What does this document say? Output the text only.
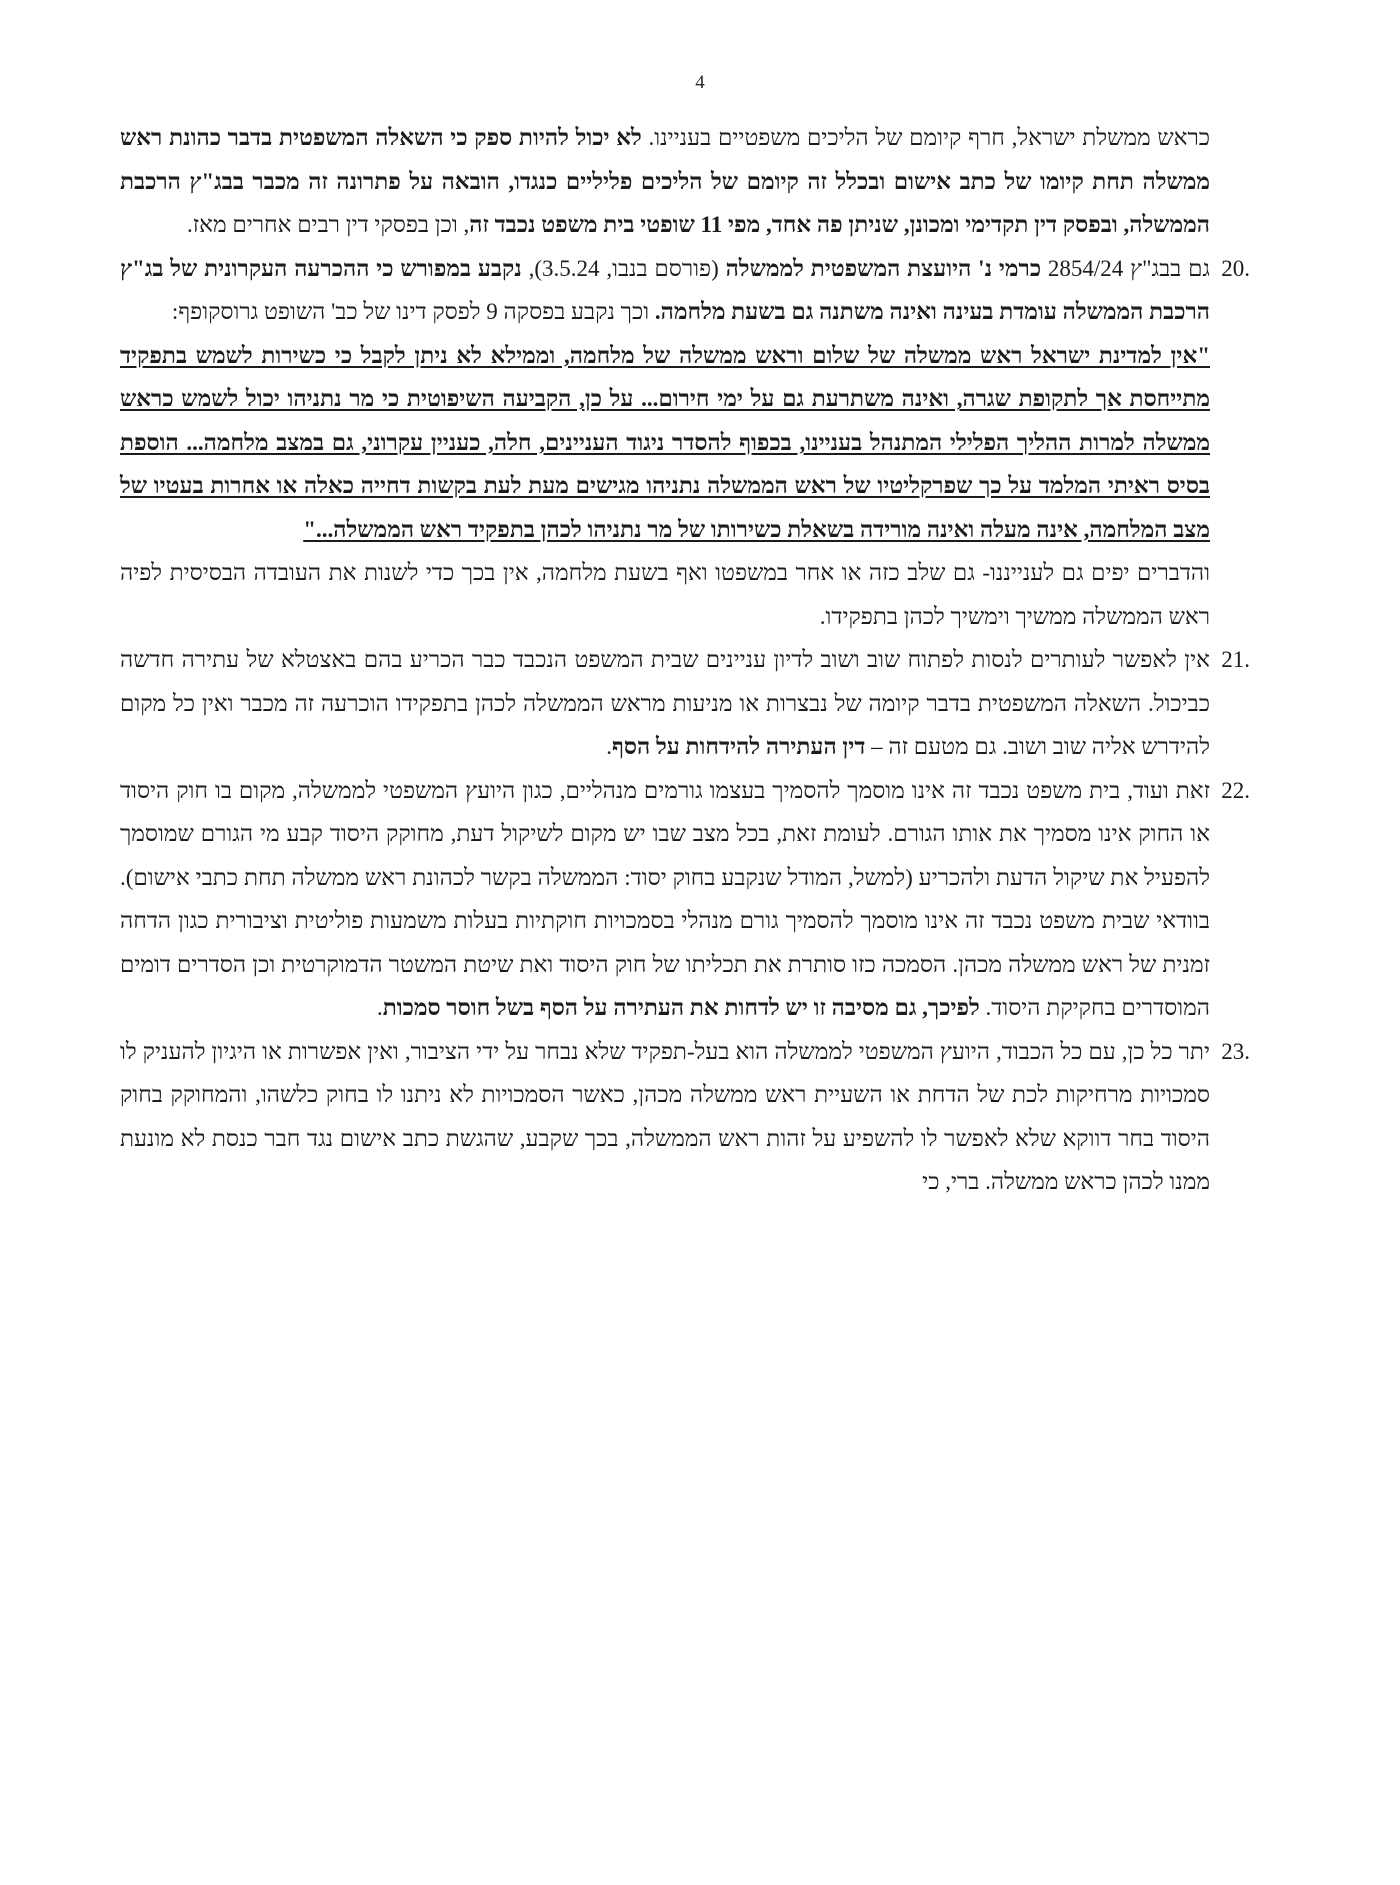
4

כראש ממשלת ישראל, חרף קיומם של הליכים משפטיים בעניינו. לא יכול להיות ספק כי השאלה המשפטית בדבר כהונת ראש ממשלה תחת קיומו של כתב אישום ובכלל זה קיומם של הליכים פליליים כנגדו, הובאה על פתרונה זה מכבר בבג"ץ הרכבת הממשלה, ובפסק דין תקדימי ומכונן, שניתן פה אחד, מפי 11 שופטי בית משפט נכבד זה, וכן בפסקי דין רבים אחרים מאז.

20.
גם בבג"ץ 2854/24 כרמי נ' היועצת המשפטית לממשלה (פורסם בנבו, 3.5.24), נקבע במפורש כי ההכרעה העקרונית של בג"ץ הרכבת הממשלה עומדת בעינה ואינה משתנה גם בשעת מלחמה. וכך נקבע בפסקה 9 לפסק דינו של כב' השופט גרוסקופף:

"אין למדינת ישראל ראש ממשלה של שלום וראש ממשלה של מלחמה, וממילא לא ניתן לקבל כי כשירות לשמש בתפקיד מתייחסת אך לתקופת שגרה, ואינה משתרעת גם על ימי חירום... על כן, הקביעה השיפוטית כי מר נתניהו יכול לשמש כראש ממשלה למרות ההליך הפלילי המתנהל בעניינו, בכפוף להסדר ניגוד העניינים, חלה, כעניין עקרוני, גם במצב מלחמה... הוספת בסיס ראיתי המלמד על כך שפרקליטיו של ראש הממשלה נתניהו מגישים מעת לעת בקשות דחייה כאלה או אחרות בעטיו של מצב המלחמה, אינה מעלה ואינה מורידה בשאלת כשירותו של מר נתניהו לכהן בתפקיד ראש הממשלה..."

והדברים יפים גם לענייננו- גם שלב כזה או אחר במשפטו ואף בשעת מלחמה, אין בכך כדי לשנות את העובדה הבסיסית לפיה ראש הממשלה ממשיך וימשיך לכהן בתפקידו.

21.
אין לאפשר לעותרים לנסות לפתוח שוב ושוב לדיון עניינים שבית המשפט הנכבד כבר הכריע בהם באצטלא של עתירה חדשה כביכול. השאלה המשפטית בדבר קיומה של נבצרות או מניעות מראש הממשלה לכהן בתפקידו הוכרעה זה מכבר ואין כל מקום להידרש אליה שוב ושוב. גם מטעם זה – דין העתירה להידחות על הסף.

22.
זאת ועוד, בית משפט נכבד זה אינו מוסמך להסמיך בעצמו גורמים מנהליים, כגון היועץ המשפטי לממשלה, מקום בו חוק היסוד או החוק אינו מסמיך את אותו הגורם. לעומת זאת, בכל מצב שבו יש מקום לשיקול דעת, מחוקק היסוד קבע מי הגורם שמוסמך להפעיל את שיקול הדעת ולהכריע (למשל, המודל שנקבע בחוק יסוד: הממשלה בקשר לכהונת ראש ממשלה תחת כתבי אישום). בוודאי שבית משפט נכבד זה אינו מוסמך להסמיך גורם מנהלי בסמכויות חוקתיות בעלות משמעות פוליטית וציבורית כגון הדחה זמנית של ראש ממשלה מכהן. הסמכה כזו סותרת את תכליתו של חוק היסוד ואת שיטת המשטר הדמוקרטית וכן הסדרים דומים המוסדרים בחקיקת היסוד. לפיכך, גם מסיבה זו יש לדחות את העתירה על הסף בשל חוסר סמכות.

23.
יתר כל כן, עם כל הכבוד, היועץ המשפטי לממשלה הוא בעל-תפקיד שלא נבחר על ידי הציבור, ואין אפשרות או היגיון להעניק לו סמכויות מרחיקות לכת של הדחת או השעיית ראש ממשלה מכהן, כאשר הסמכויות לא ניתנו לו בחוק כלשהו, והמחוקק בחוק היסוד בחר דווקא שלא לאפשר לו להשפיע על זהות ראש הממשלה, בכך שקבע, שהגשת כתב אישום נגד חבר כנסת לא מונעת ממנו לכהן כראש ממשלה. ברי, כי
